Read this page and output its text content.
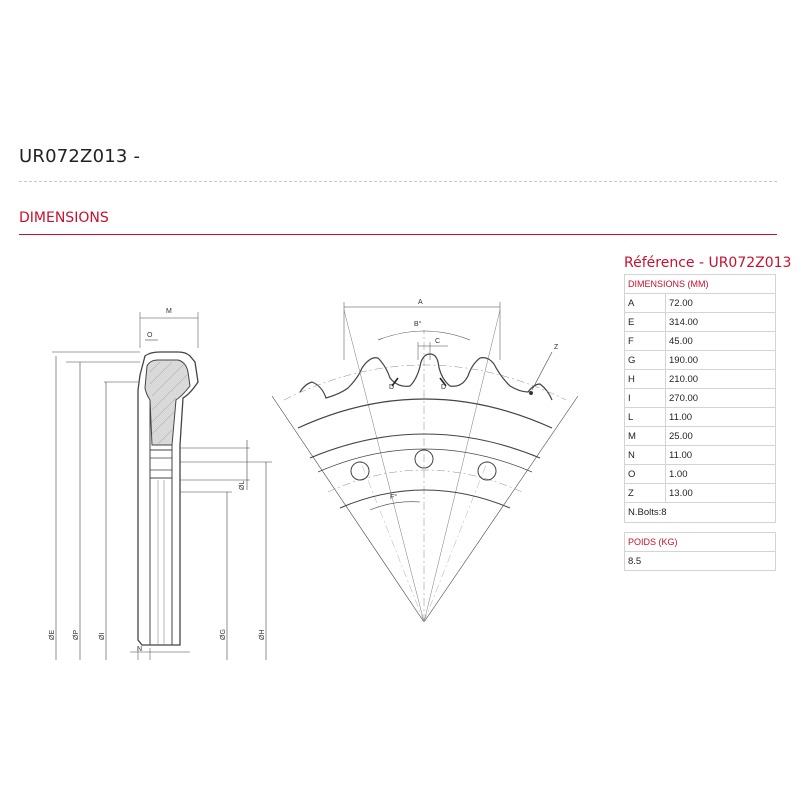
UR072Z013 -
DIMENSIONS
Référence - UR072Z013
DIMENSIONS (MM)	
A	72.00
E	314.00
F	45.00
G	190.00
H	210.00
I	270.00
L	11.00
M	25.00
N	11.00
O	1.00
Z	13.00
N.Bolts:8	
POIDS (KG)
8.5
M
O
N
ØL
ØE ØP	ØI	ØG	ØH
A
B°
C
D	D
Z
F°
